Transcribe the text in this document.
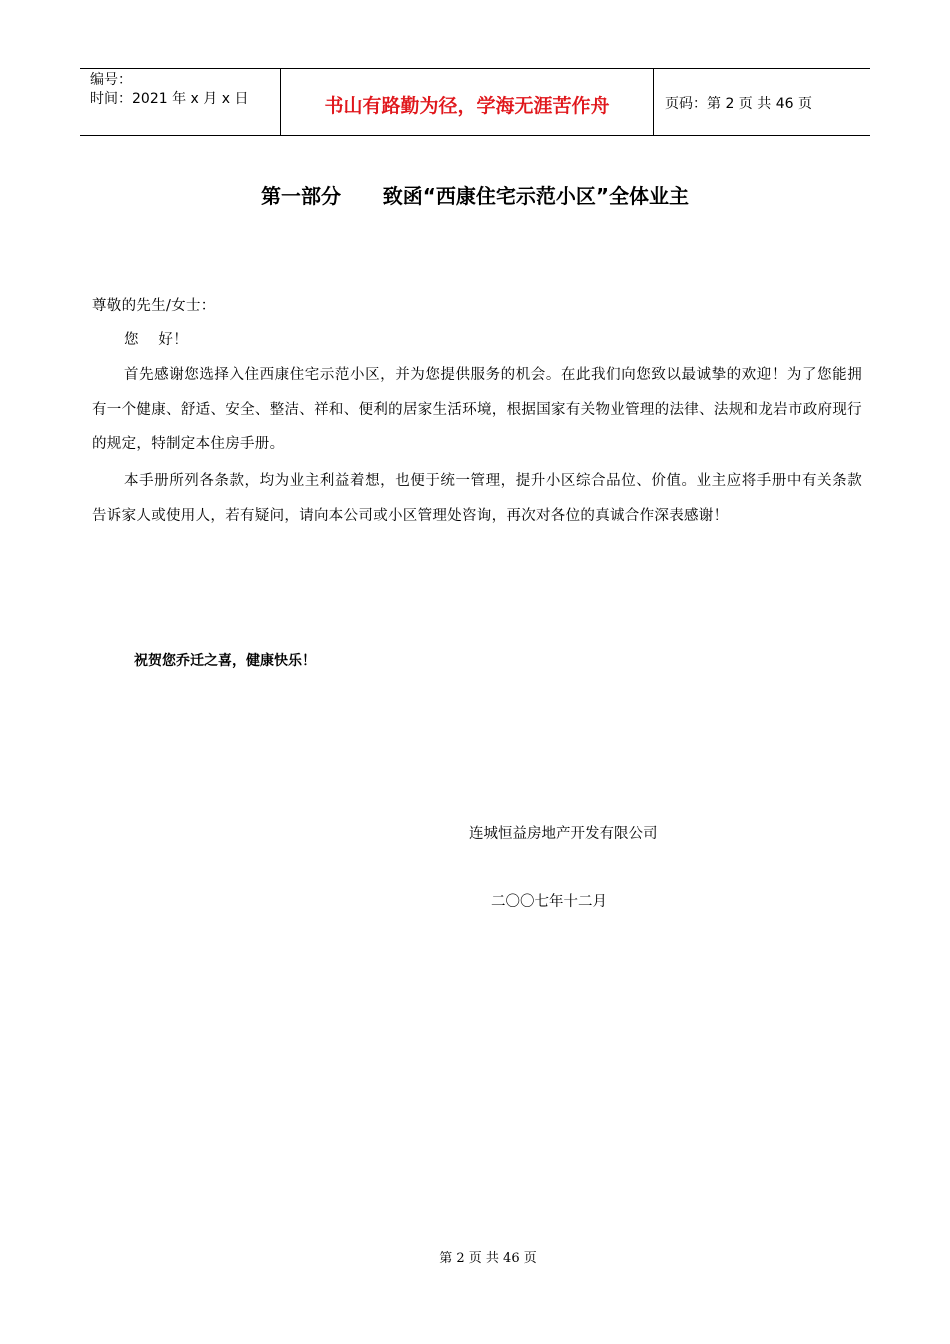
编号：
时间：2021 年 x 月 x 日	书山有路勤为径，学海无涯苦作舟	页码：第 2 页 共 46 页
第一部分      致函“西康住宅示范小区”全体业主
尊敬的先生/女士：
您    好！
首先感谢您选择入住西康住宅示范小区，并为您提供服务的机会。在此我们向您致以最诚挚的欢迎！为了您能拥有一个健康、舒适、安全、整洁、祥和、便利的居家生活环境，根据国家有关物业管理的法律、法规和龙岩市政府现行的规定，特制定本住房手册。
本手册所列各条款，均为业主利益着想，也便于统一管理，提升小区综合品位、价值。业主应将手册中有关条款告诉家人或使用人，若有疑问，请向本公司或小区管理处咨询，再次对各位的真诚合作深表感谢！
祝贺您乔迁之喜，健康快乐！
连城恒益房地产开发有限公司
二〇〇七年十二月
第 2 页 共 46 页
